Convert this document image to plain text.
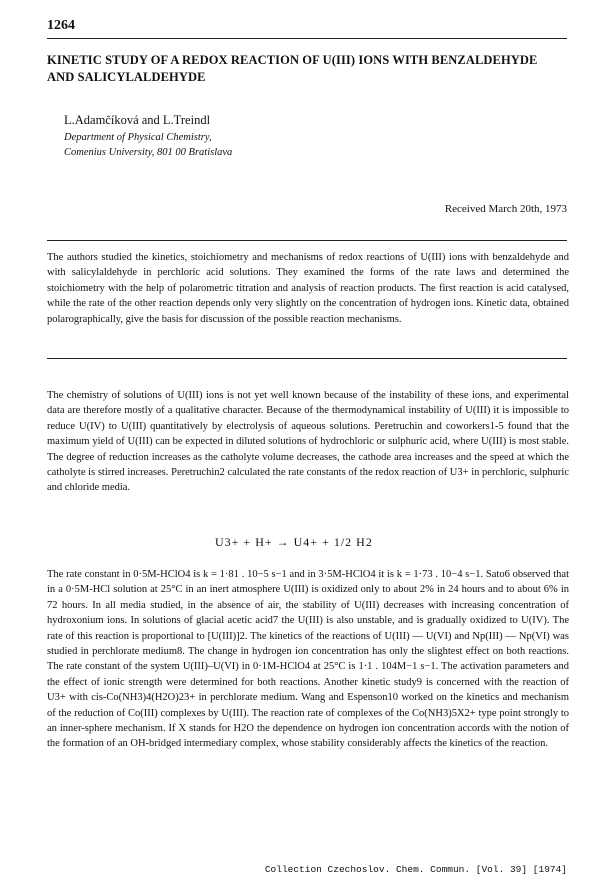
1264
KINETIC STUDY OF A REDOX REACTION OF U(III) IONS WITH BENZALDEHYDE AND SALICYLALDEHYDE
L.Adamčíková and L.Treindl
Department of Physical Chemistry,
Comenius University, 801 00 Bratislava
Received March 20th, 1973

The authors studied the kinetics, stoichiometry and mechanisms of redox reactions of U(III) ions with benzaldehyde and with salicylaldehyde in perchloric acid solutions. They examined the forms of the rate laws and determined the stoichiometry with the help of polarometric titration and analysis of reaction products. The first reaction is acid catalysed, while the rate of the other reaction depends only very slightly on the concentration of hydrogen ions. Kinetic data, obtained polarographically, give the basis for discussion of the possible reaction mechanisms.

The chemistry of solutions of U(III) ions is not yet well known because of the instability of these ions, and experimental data are therefore mostly of a qualitative character. Because of the thermodynamical instability of U(III) it is impossible to reduce U(IV) to U(III) quantitatively by electrolysis of aqueous solutions. Peretruchin and coworkers1-5 found that the maximum yield of U(III) can be expected in diluted solutions of hydrochloric or sulphuric acid, where U(III) is most stable. The degree of reduction increases as the catholyte volume decreases, the cathode area increases and the speed at which the catholyte is stirred increases. Peretruchin2 calculated the rate constants of the redox reaction of U3+ in perchloric, sulphuric and chloride media.

U3+ + H+ → U4+ + 1/2 H2

The rate constant in 0·5M-HClO4 is k = 1·81 . 10−5 s−1 and in 3·5M-HClO4 it is k = 1·73 . 10−4 s−1. Sato6 observed that in a 0·5M-HCl solution at 25°C in an inert atmosphere U(III) is oxidized only to about 2% in 24 hours and to about 6% in 72 hours. In all media studied, in the absence of air, the stability of U(III) decreases with increasing concentration of hydroxonium ions. In solutions of glacial acetic acid7 the U(III) is also unstable, and is gradually oxidized to U(IV). The rate of this reaction is proportional to [U(III)]2. The kinetics of the reactions of U(III) — U(VI) and Np(III) — Np(VI) was studied in perchlorate medium8. The change in hydrogen ion concentration has only the slightest effect on both reactions. The rate constant of the system U(III)–U(VI) in 0·1M-HClO4 at 25°C is 1·1 . 104M−1 s−1. The activation parameters and the effect of ionic strength were determined for both reactions. Another kinetic study9 is concerned with the reaction of U3+ with cis-Co(NH3)4(H2O)23+ in perchlorate medium. Wang and Espenson10 worked on the kinetics and mechanism of the reduction of Co(III) complexes by U(III). The reaction rate of complexes of the Co(NH3)5X2+ type point strongly to an inner-sphere mechanism. If X stands for H2O the dependence on hydrogen ion concentration accords with the notion of the formation of an OH-bridged intermediary complex, whose stability considerably affects the kinetics of the reaction.

Collection Czechoslov. Chem. Commun. [Vol. 39] [1974]
